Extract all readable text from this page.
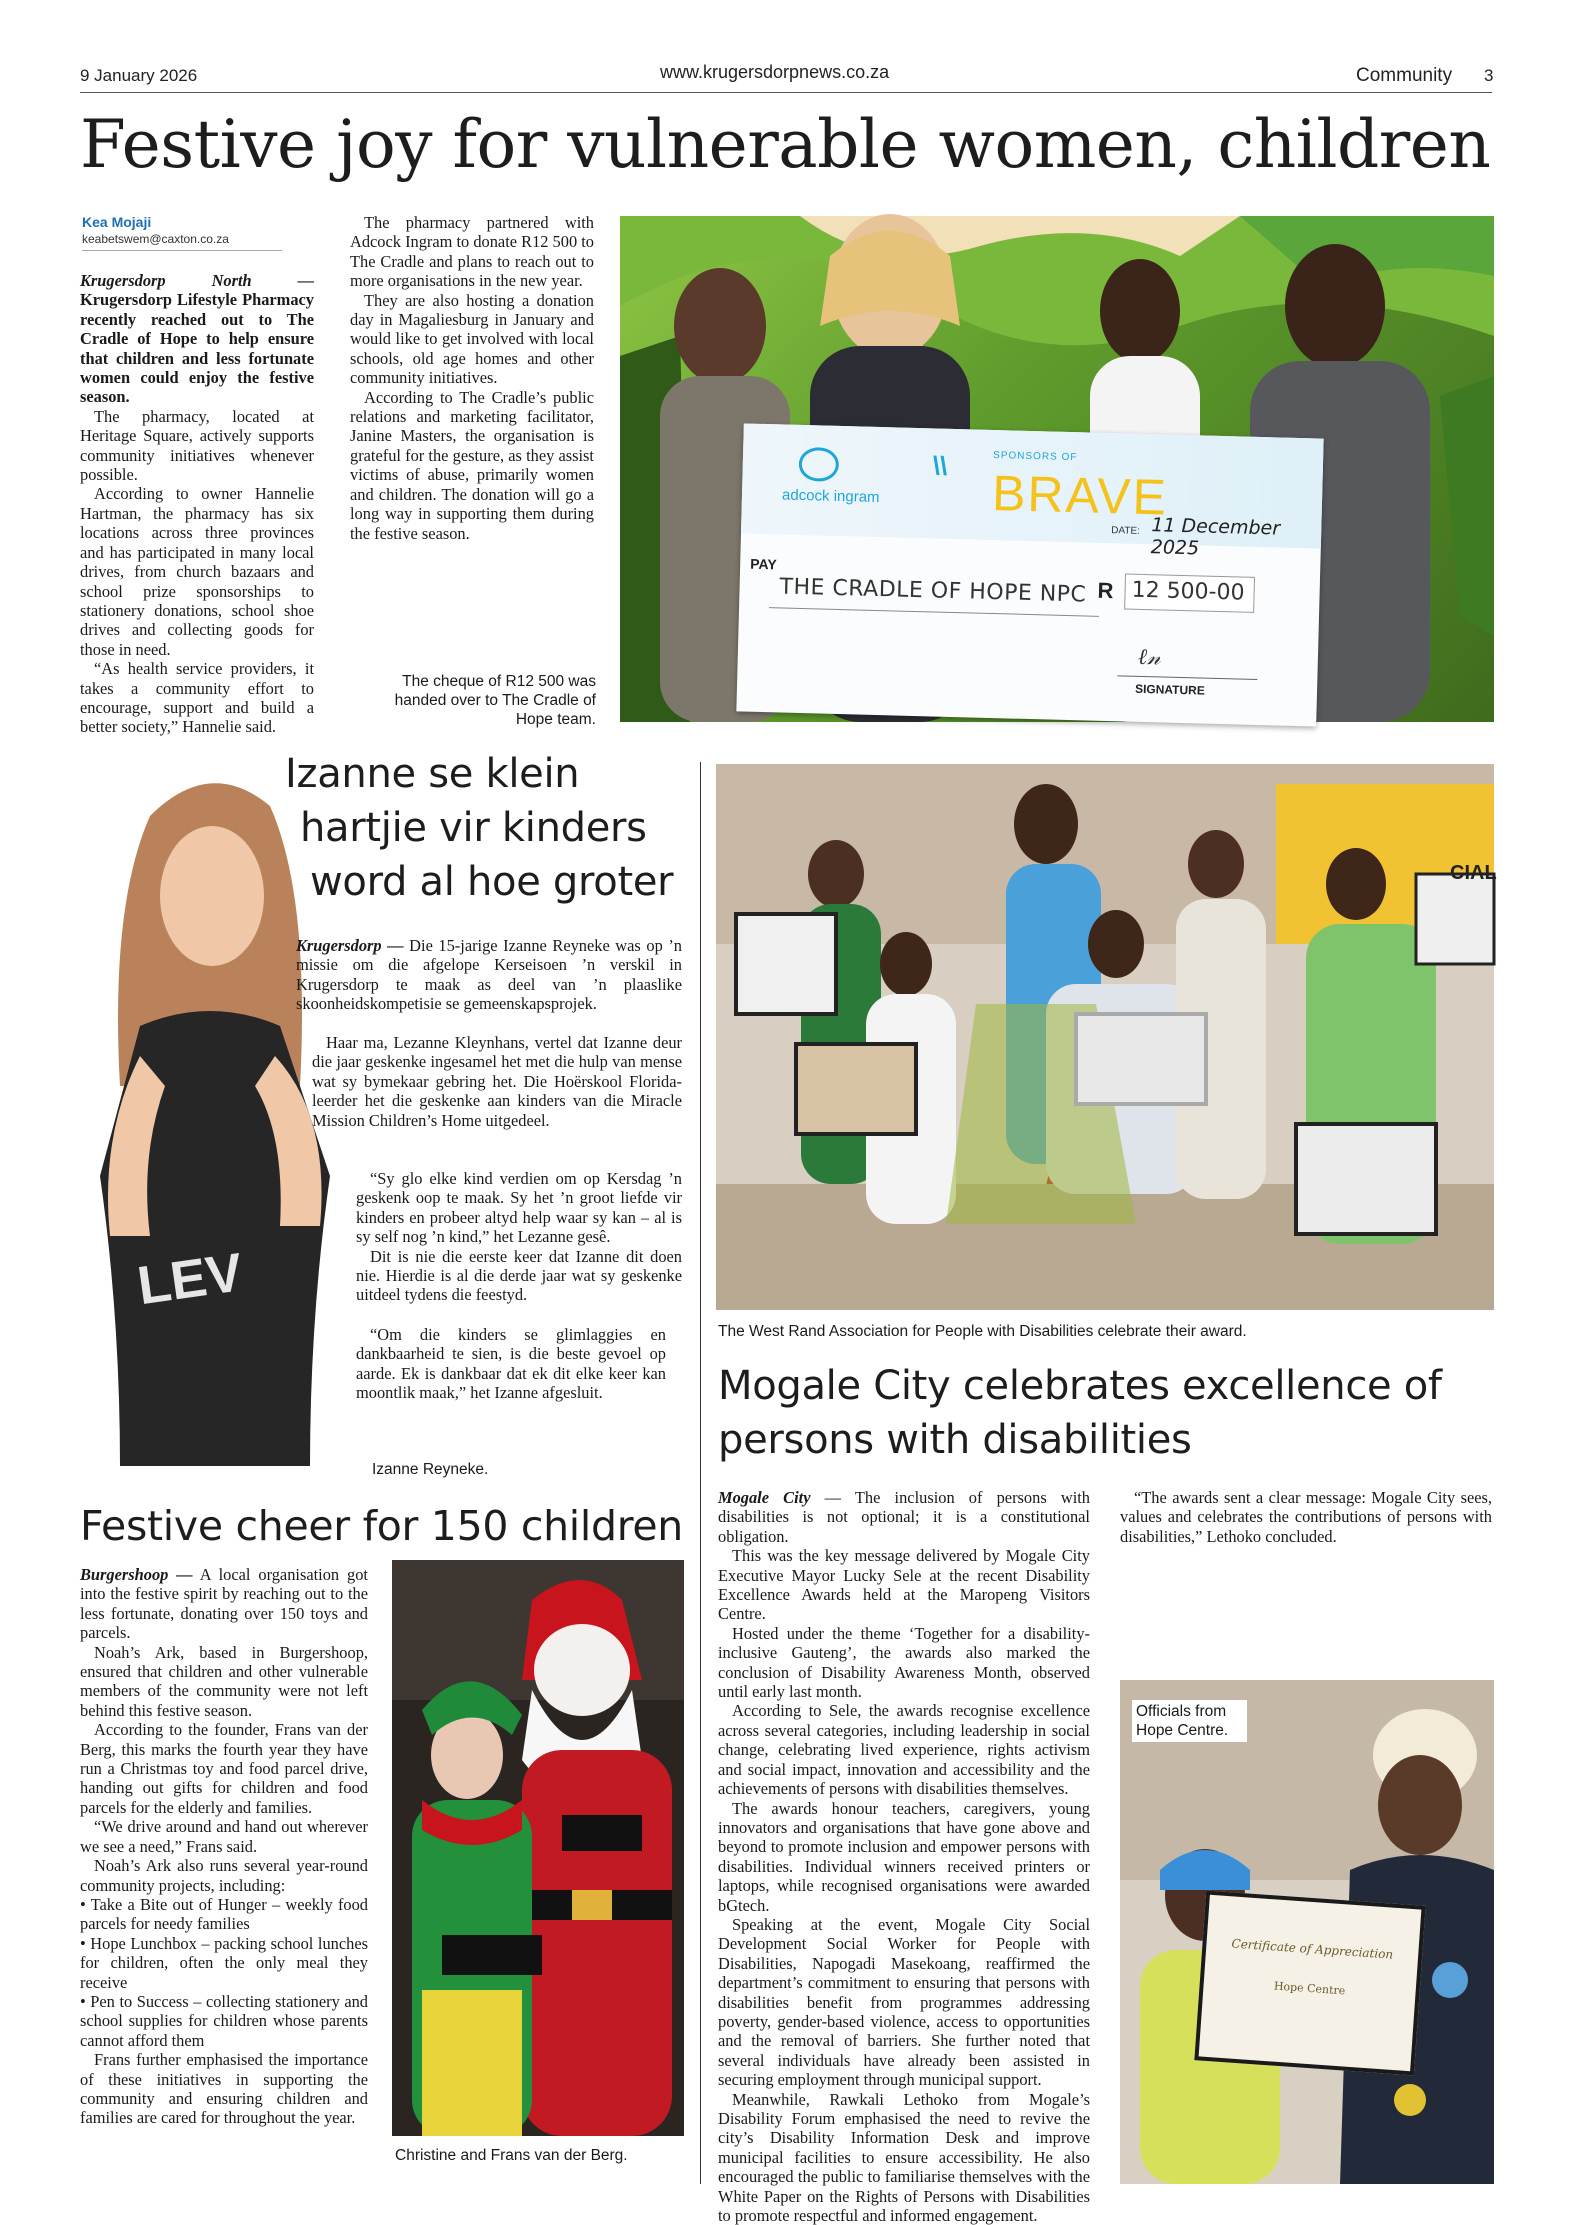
9 January 2026	www.krugersdorpnews.co.za	Community 3
Festive joy for vulnerable women, children
Kea Mojaji
keabetswem@caxton.co.za

Krugersdorp North — Krugersdorp Lifestyle Pharmacy recently reached out to The Cradle of Hope to help ensure that children and less fortunate women could enjoy the festive season.

The pharmacy, located at Heritage Square, actively supports community initiatives whenever possible.

According to owner Hannelie Hartman, the pharmacy has six locations across three provinces and has participated in many local drives, from church bazaars and school prize sponsorships to stationery donations, school shoe drives and collecting goods for those in need.

“As health service providers, it takes a community effort to encourage, support and build a better society,” Hannelie said.

The pharmacy partnered with Adcock Ingram to donate R12 500 to The Cradle and plans to reach out to more organisations in the new year.

They are also hosting a donation day in Magaliesburg in January and would like to get involved with local schools, old age homes and other community initiatives.

According to The Cradle’s public relations and marketing facilitator, Janine Masters, the organisation is grateful for the gesture, as they assist victims of abuse, primarily women and children. The donation will go a long way in supporting them during the festive season.

The cheque of R12 500 was handed over to The Cradle of Hope team.
adcock ingram
\\	SPONSORS OF
BRAVE
DATE: 11 December 2025
PAY
THE CRADLE OF HOPE NPC R 12 500-00
ℓ𝓃
SIGNATURE
LEV
Izanne se klein
hartjie vir kinders
word al hoe groter

Krugersdorp — Die 15-jarige Izanne Reyneke was op ’n missie om die afgelope Kerseisoen ’n verskil in Krugersdorp te maak as deel van ’n plaaslike skoonheidskompetisie se gemeenskapsprojek.

Haar ma, Lezanne Kleynhans, vertel dat Izanne deur die jaar geskenke ingesamel het met die hulp van mense wat sy bymekaar gebring het. Die Hoërskool Florida-leerder het die geskenke aan kinders van die Miracle Mission Children’s Home uitgedeel.

“Sy glo elke kind verdien om op Kersdag ’n geskenk oop te maak. Sy het ’n groot liefde vir kinders en probeer altyd help waar sy kan – al is sy self nog ’n kind,” het Lezanne gesê.

Dit is nie die eerste keer dat Izanne dit doen nie. Hierdie is al die derde jaar wat sy geskenke uitdeel tydens die feestyd.

“Om die kinders se glimlaggies en dankbaarheid te sien, is die beste gevoel op aarde. Ek is dankbaar dat ek dit elke keer kan moontlik maak,” het Izanne afgesluit.

Izanne Reyneke.
Festive cheer for 150 children

Burgershoop — A local organisation got into the festive spirit by reaching out to the less fortunate, donating over 150 toys and parcels.

Noah’s Ark, based in Burgershoop, ensured that children and other vulnerable members of the community were not left behind this festive season.

According to the founder, Frans van der Berg, this marks the fourth year they have run a Christmas toy and food parcel drive, handing out gifts for children and food parcels for the elderly and families.

“We drive around and hand out wherever we see a need,” Frans said.

Noah’s Ark also runs several year-round community projects, including:

• Take a Bite out of Hunger – weekly food parcels for needy families

• Hope Lunchbox – packing school lunches for children, often the only meal they receive

• Pen to Success – collecting stationery and school supplies for children whose parents cannot afford them

Frans further emphasised the importance of these initiatives in supporting the community and ensuring children and families are cared for throughout the year.

Christine and Frans van der Berg.
CIAL
The West Rand Association for People with Disabilities celebrate their award.
Mogale City celebrates excellence of
persons with disabilities

Mogale City — The inclusion of persons with disabilities is not optional; it is a constitutional obligation.

This was the key message delivered by Mogale City Executive Mayor Lucky Sele at the recent Disability Excellence Awards held at the Maropeng Visitors Centre.

Hosted under the theme ‘Together for a disability-inclusive Gauteng’, the awards also marked the conclusion of Disability Awareness Month, observed until early last month.

According to Sele, the awards recognise excellence across several categories, including leadership in social change, celebrating lived experience, rights activism and social impact, innovation and accessibility and the achievements of persons with disabilities themselves.

The awards honour teachers, caregivers, young innovators and organisations that have gone above and beyond to promote inclusion and empower persons with disabilities. Individual winners received printers or laptops, while recognised organisations were awarded bGtech.

Speaking at the event, Mogale City Social Development Social Worker for People with Disabilities, Napogadi Masekoang, reaffirmed the department’s commitment to ensuring that persons with disabilities benefit from programmes addressing poverty, gender-based violence, access to opportunities and the removal of barriers. She further noted that several individuals have already been assisted in securing employment through municipal support.

Meanwhile, Rawkali Lethoko from Mogale’s Disability Forum emphasised the need to revive the city’s Disability Information Desk and improve municipal facilities to ensure accessibility. He also encouraged the public to familiarise themselves with the White Paper on the Rights of Persons with Disabilities to promote respectful and informed engagement.

“The awards sent a clear message: Mogale City sees, values and celebrates the contributions of persons with disabilities,” Lethoko concluded.

Certificate of Appreciation
Hope Centre
Officials from Hope Centre.
